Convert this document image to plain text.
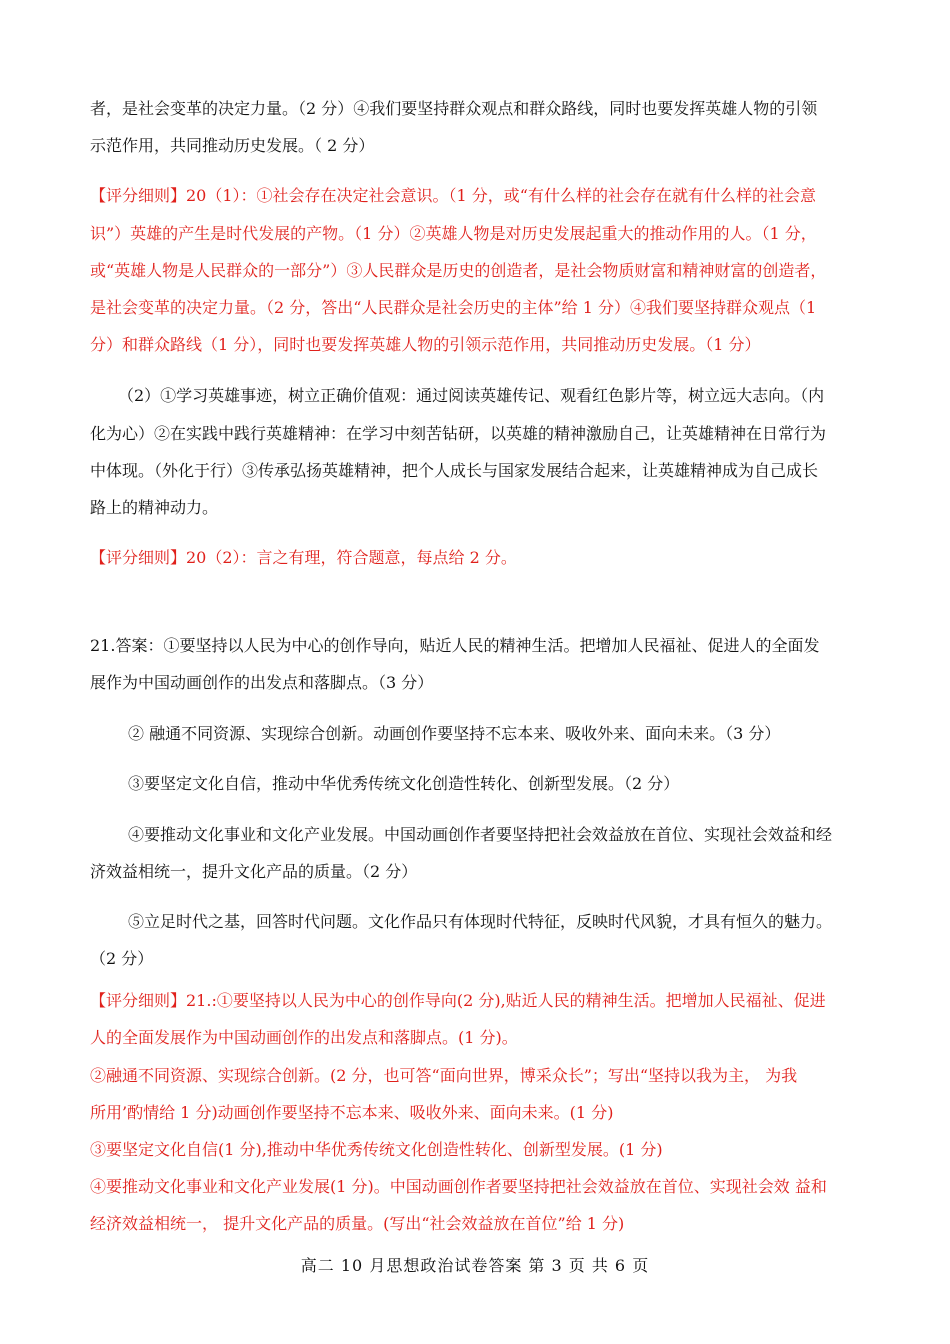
者，是社会变革的决定力量。（2 分）④我们要坚持群众观点和群众路线，同时也要发挥英雄人物的引领
示范作用，共同推动历史发展。（ 2 分）
【评分细则】20（1）：①社会存在决定社会意识。（1 分，或“有什么样的社会存在就有什么样的社会意
识”）英雄的产生是时代发展的产物。（1 分）②英雄人物是对历史发展起重大的推动作用的人。（1 分，
或“英雄人物是人民群众的一部分”）③人民群众是历史的创造者，是社会物质财富和精神财富的创造者，
是社会变革的决定力量。（2 分，答出“人民群众是社会历史的主体”给 1 分）④我们要坚持群众观点（1
分）和群众路线（1 分），同时也要发挥英雄人物的引领示范作用，共同推动历史发展。（1 分）
（2）①学习英雄事迹，树立正确价值观：通过阅读英雄传记、观看红色影片等，树立远大志向。（内
化为心）②在实践中践行英雄精神：在学习中刻苦钻研，以英雄的精神激励自己，让英雄精神在日常行为
中体现。（外化于行）③传承弘扬英雄精神，把个人成长与国家发展结合起来，让英雄精神成为自己成长
路上的精神动力。
【评分细则】20（2）：言之有理，符合题意，每点给 2 分。
21.答案：①要坚持以人民为中心的创作导向，贴近人民的精神生活。把增加人民福祉、促进人的全面发
展作为中国动画创作的出发点和落脚点。（3 分）
② 融通不同资源、实现综合创新。动画创作要坚持不忘本来、吸收外来、面向未来。（3 分）
③要坚定文化自信，推动中华优秀传统文化创造性转化、创新型发展。（2 分）
④要推动文化事业和文化产业发展。中国动画创作者要坚持把社会效益放在首位、实现社会效益和经
济效益相统一，提升文化产品的质量。（2 分）
⑤立足时代之基，回答时代问题。文化作品只有体现时代特征，反映时代风貌，才具有恒久的魅力。
（2 分）
【评分细则】21.:①要坚持以人民为中心的创作导向(2 分),贴近人民的精神生活。把增加人民福祉、促进
人的全面发展作为中国动画创作的出发点和落脚点。(1 分)。
②融通不同资源、实现综合创新。(2 分，也可答“面向世界，博采众长”；写出“坚持以我为主， 为我
所用’酌情给 1 分)动画创作要坚持不忘本来、吸收外来、面向未来。(1 分)
③要坚定文化自信(1 分),推动中华优秀传统文化创造性转化、创新型发展。(1 分)
④要推动文化事业和文化产业发展(1 分)。中国动画创作者要坚持把社会效益放在首位、实现社会效 益和
经济效益相统一， 提升文化产品的质量。(写出“社会效益放在首位”给 1 分)
高二 10 月思想政治试卷答案 第 3 页 共 6 页
